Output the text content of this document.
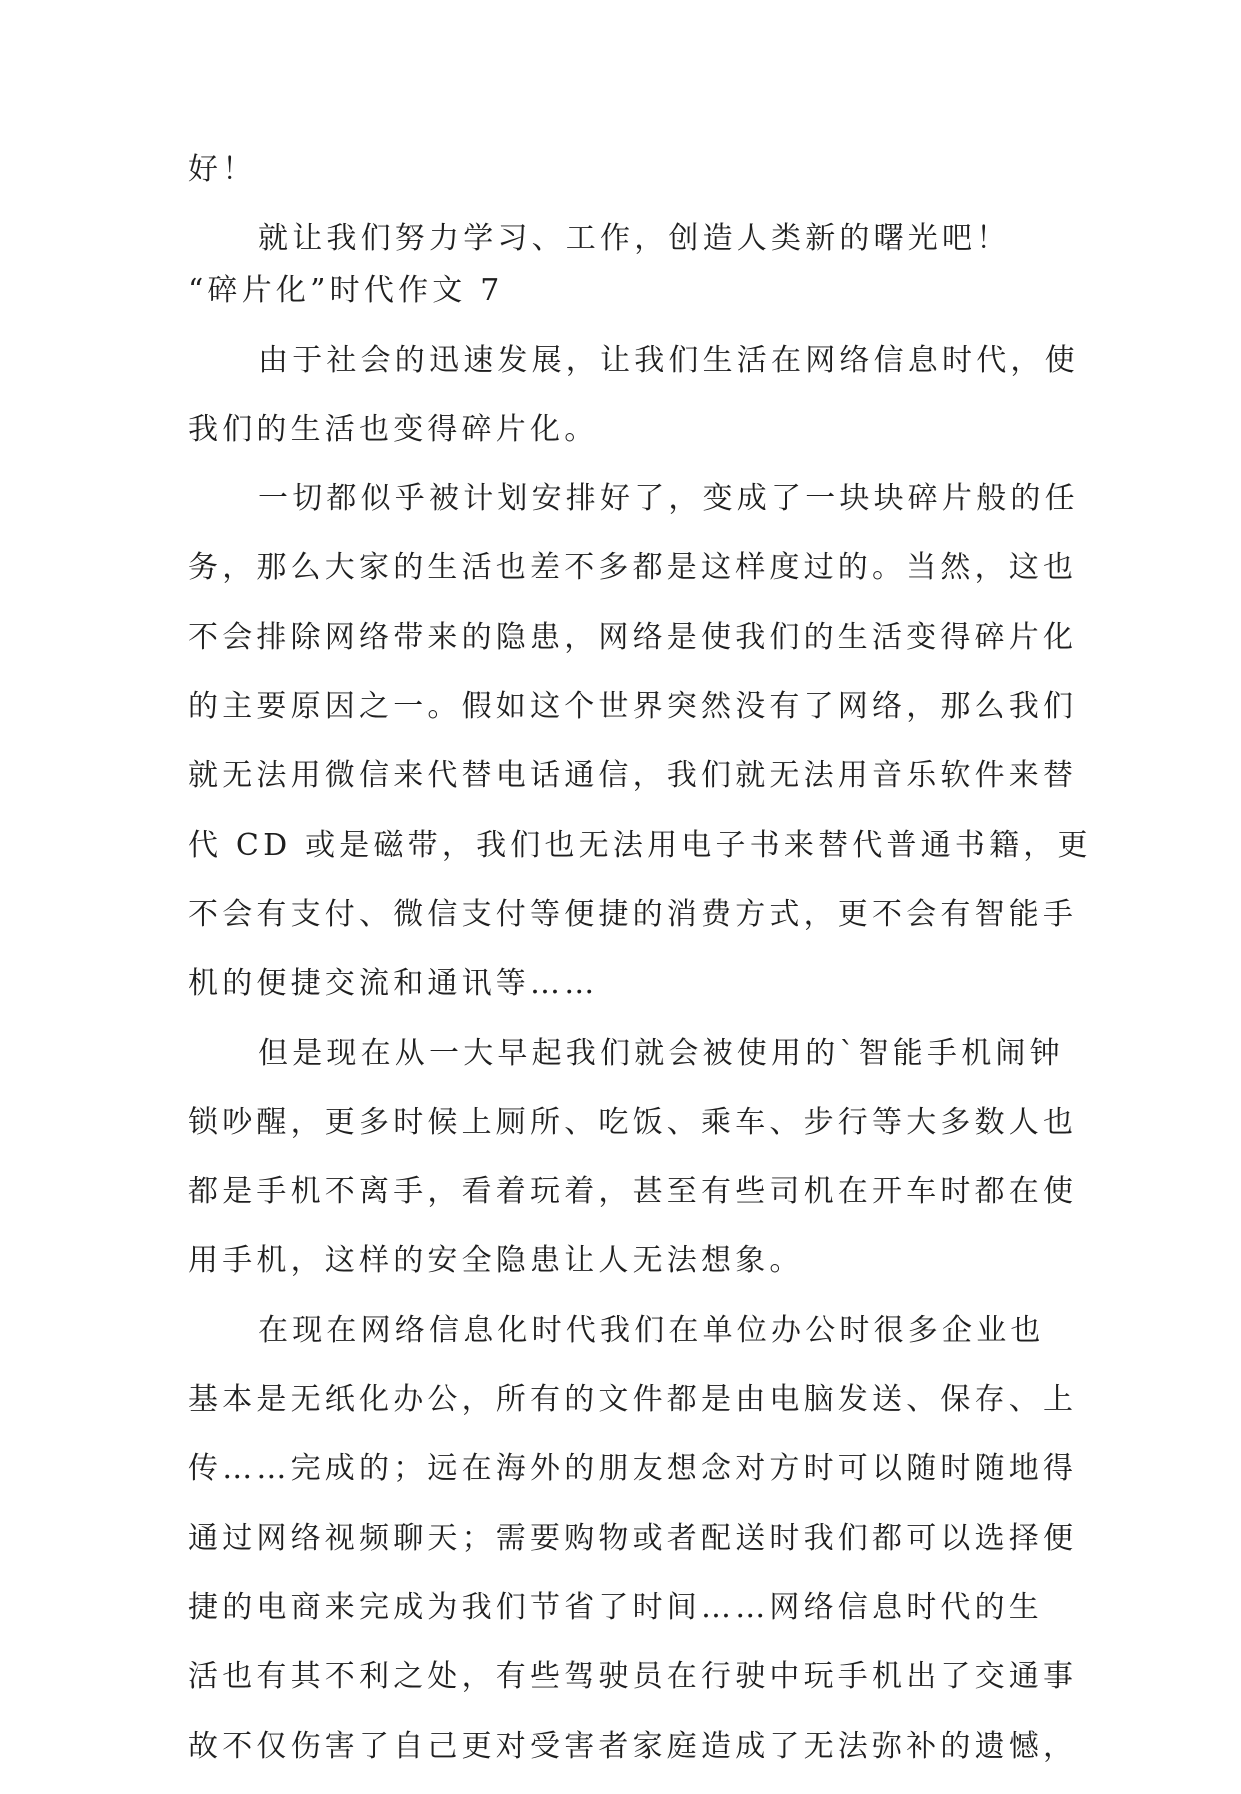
好！
就让我们努力学习、工作，创造人类新的曙光吧！
“碎片化”时代作文 7
由于社会的迅速发展，让我们生活在网络信息时代，使
我们的生活也变得碎片化。
一切都似乎被计划安排好了，变成了一块块碎片般的任
务，那么大家的生活也差不多都是这样度过的。当然，这也
不会排除网络带来的隐患，网络是使我们的生活变得碎片化
的主要原因之一。假如这个世界突然没有了网络，那么我们
就无法用微信来代替电话通信，我们就无法用音乐软件来替
代 CD 或是磁带，我们也无法用电子书来替代普通书籍，更
不会有支付、微信支付等便捷的消费方式，更不会有智能手
机的便捷交流和通讯等……
但是现在从一大早起我们就会被使用的`智能手机闹钟
锁吵醒，更多时候上厕所、吃饭、乘车、步行等大多数人也
都是手机不离手，看着玩着，甚至有些司机在开车时都在使
用手机，这样的安全隐患让人无法想象。
在现在网络信息化时代我们在单位办公时很多企业也
基本是无纸化办公，所有的文件都是由电脑发送、保存、上
传……完成的；远在海外的朋友想念对方时可以随时随地得
通过网络视频聊天；需要购物或者配送时我们都可以选择便
捷的电商来完成为我们节省了时间……网络信息时代的生
活也有其不利之处，有些驾驶员在行驶中玩手机出了交通事
故不仅伤害了自己更对受害者家庭造成了无法弥补的遗憾，
